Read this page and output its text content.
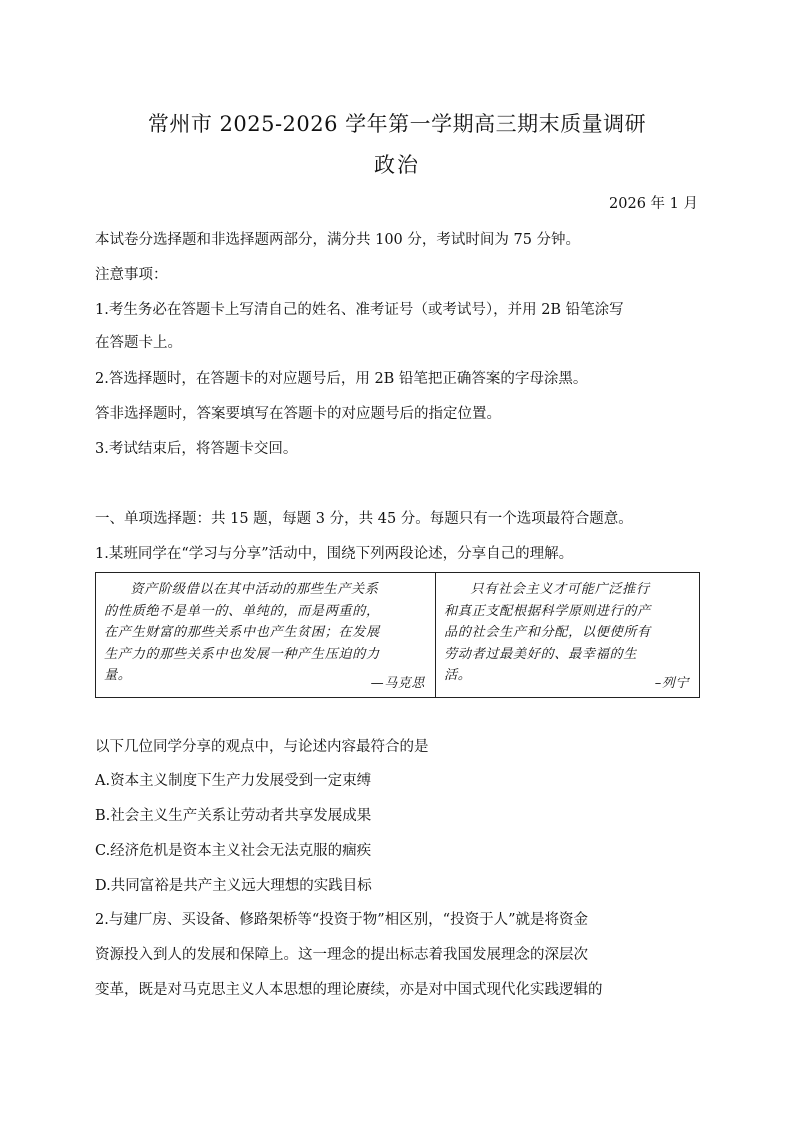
常州市 2025-2026 学年第一学期高三期末质量调研
政治
2026 年 1 月
本试卷分选择题和非选择题两部分，满分共 100 分，考试时间为 75 分钟。
注意事项：
1.考生务必在答题卡上写清自己的姓名、准考证号（或考试号），并用 2B 铅笔涂写
在答题卡上。
2.答选择题时，在答题卡的对应题号后，用 2B 铅笔把正确答案的字母涂黑。
答非选择题时，答案要填写在答题卡的对应题号后的指定位置。
3.考试结束后，将答题卡交回。
一、单项选择题：共 15 题，每题 3 分，共 45 分。每题只有一个选项最符合题意。
1.某班同学在“学习与分享”活动中，围绕下列两段论述，分享自己的理解。
资产阶级借以在其中活动的那些生产关系
的性质绝不是单一的、单纯的，而是两重的，
在产生财富的那些关系中也产生贫困；在发展
生产力的那些关系中也发展一种产生压迫的力
量。	—马克思
只有社会主义才可能广泛推行
和真正支配根据科学原则进行的产
品的社会生产和分配，以便使所有
劳动者过最美好的、最幸福的生
活。	–列宁
以下几位同学分享的观点中，与论述内容最符合的是
A.资本主义制度下生产力发展受到一定束缚
B.社会主义生产关系让劳动者共享发展成果
C.经济危机是资本主义社会无法克服的痼疾
D.共同富裕是共产主义远大理想的实践目标
2.与建厂房、买设备、修路架桥等“投资于物”相区别，“投资于人”就是将资金
资源投入到人的发展和保障上。这一理念的提出标志着我国发展理念的深层次
变革，既是对马克思主义人本思想的理论赓续，亦是对中国式现代化实践逻辑的
